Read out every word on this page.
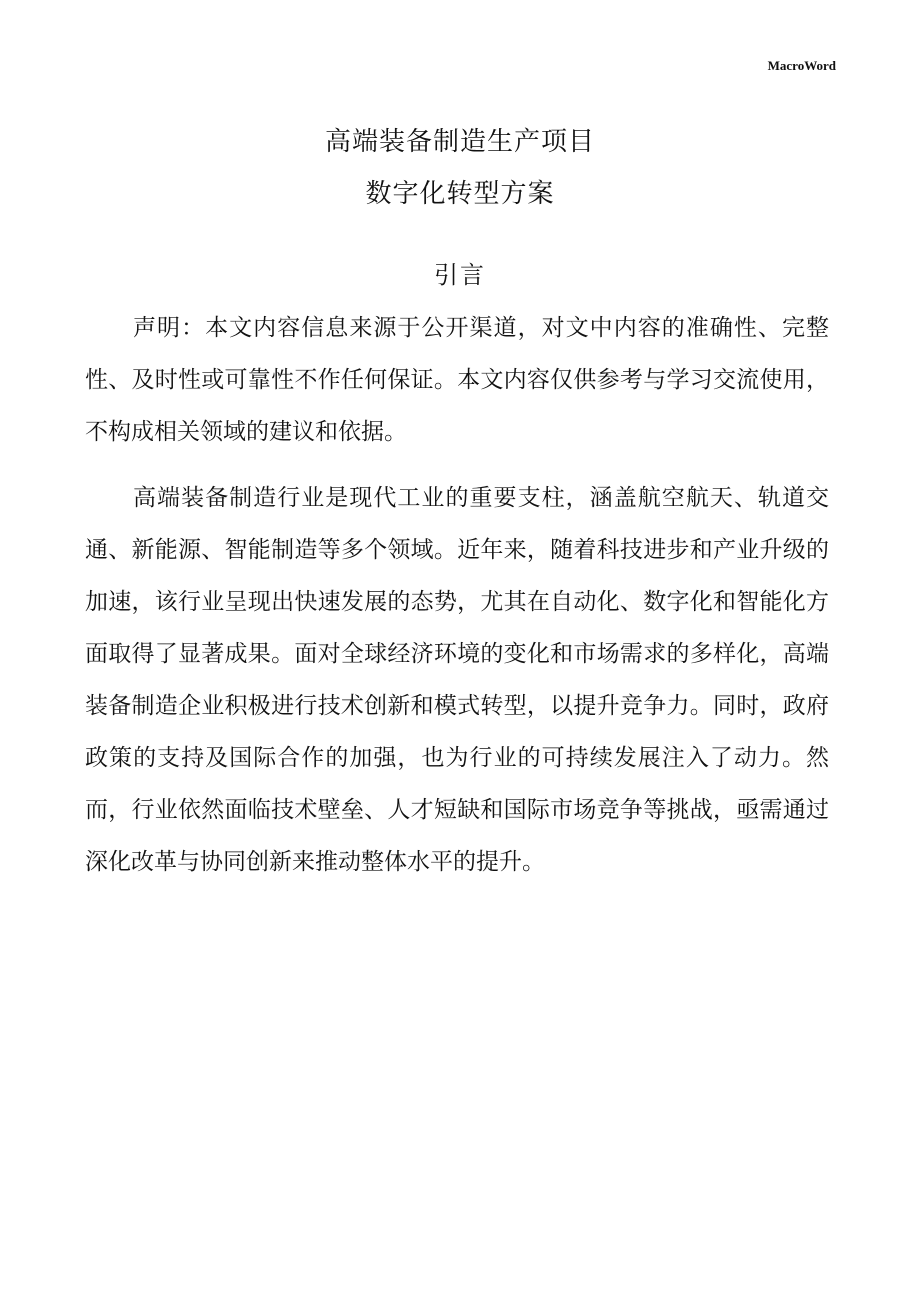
MacroWord
高端装备制造生产项目
数字化转型方案
引言

声明：本文内容信息来源于公开渠道，对文中内容的准确性、完整性、及时性或可靠性不作任何保证。本文内容仅供参考与学习交流使用，不构成相关领域的建议和依据。

高端装备制造行业是现代工业的重要支柱，涵盖航空航天、轨道交通、新能源、智能制造等多个领域。近年来，随着科技进步和产业升级的加速，该行业呈现出快速发展的态势，尤其在自动化、数字化和智能化方面取得了显著成果。面对全球经济环境的变化和市场需求的多样化，高端装备制造企业积极进行技术创新和模式转型，以提升竞争力。同时，政府政策的支持及国际合作的加强，也为行业的可持续发展注入了动力。然而，行业依然面临技术壁垒、人才短缺和国际市场竞争等挑战，亟需通过深化改革与协同创新来推动整体水平的提升。
